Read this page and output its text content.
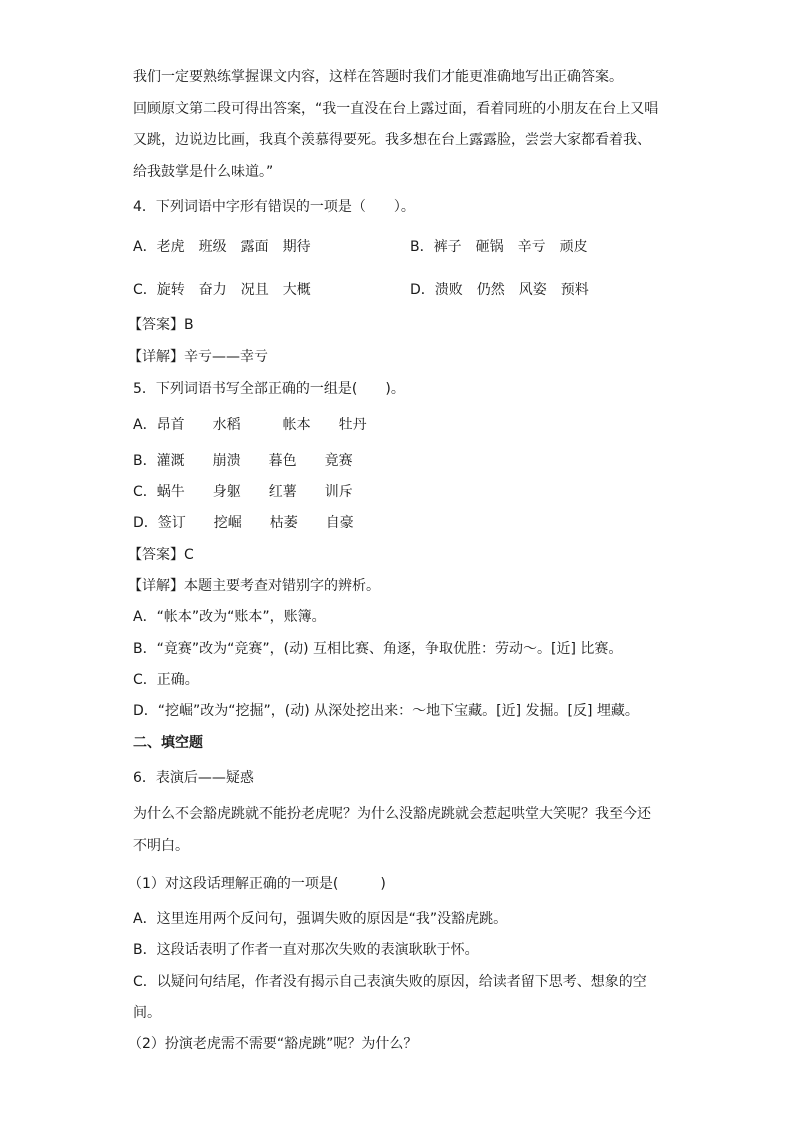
我们一定要熟练掌握课文内容，这样在答题时我们才能更准确地写出正确答案。
回顾原文第二段可得出答案，“我一直没在台上露过面，看着同班的小朋友在台上又唱
又跳，边说边比画，我真个羡慕得要死。我多想在台上露露脸，尝尝大家都看着我、
给我鼓掌是什么味道。”
4．下列词语中字形有错误的一项是（　　）。
A．老虎　班级　露面　期待	B．裤子　砸锅　辛亏　顽皮
C．旋转　奋力　况且　大概	D．溃败　仍然　风姿　预料
【答案】B
【详解】辛亏——幸亏
5．下列词语书写全部正确的一组是(　　)。
A．昂首　　水稻　　　帐本　　牡丹
B．灌溉　　崩溃　　暮色　　竟赛
C．蜗牛　　身躯　　红薯　　训斥
D．签订　　挖崛　　枯萎　　自豪
【答案】C
【详解】本题主要考查对错别字的辨析。
A．“帐本”改为“账本”，账簿。
B．“竟赛”改为“竞赛”，(动) 互相比赛、角逐，争取优胜：劳动～。[近] 比赛。
C．正确。
D．“挖崛”改为“挖掘”，(动) 从深处挖出来：～地下宝藏。[近] 发掘。[反] 埋藏。
二、填空题
6．表演后——疑惑
为什么不会豁虎跳就不能扮老虎呢？为什么没豁虎跳就会惹起哄堂大笑呢？我至今还
不明白。
（1）对这段话理解正确的一项是(　　　)
A．这里连用两个反问句，强调失败的原因是“我”没豁虎跳。
B．这段话表明了作者一直对那次失败的表演耿耿于怀。
C．以疑问句结尾，作者没有揭示自己表演失败的原因，给读者留下思考、想象的空
间。
（2）扮演老虎需不需要“豁虎跳”呢？为什么？
